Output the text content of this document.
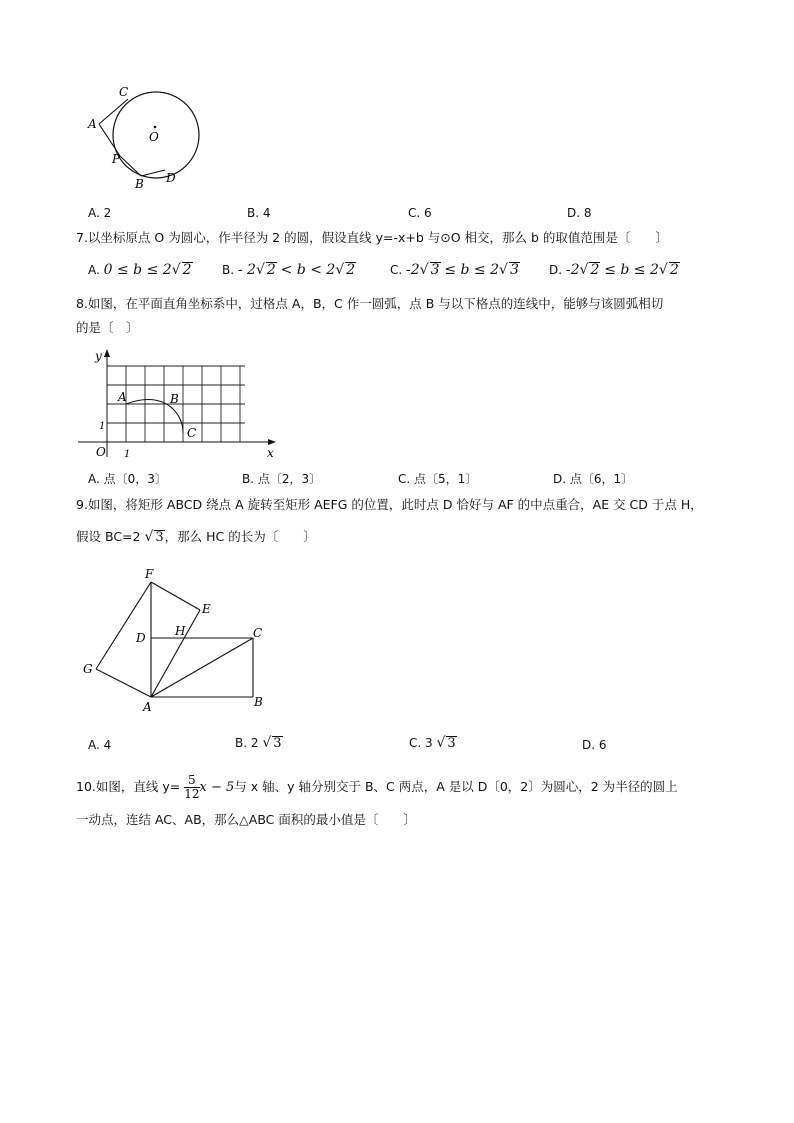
C
A
O
P
B D
A. 2	B. 4	C. 6	D. 8
7.以坐标原点 O 为圆心，作半径为 2 的圆，假设直线 y=-x+b 与⊙O 相交，那么 b 的取值范围是〔　　〕
A. 0 ≤ b ≤ 2√ 2	B. - 2√ 2 < b < 2√ 2	C. -2√ 3 ≤ b ≤ 2√ 3	D. -2√ 2 ≤ b ≤ 2√ 2
8.如图，在平面直角坐标系中，过格点 A，B，C 作一圆弧，点 B 与以下格点的连线中，能够与该圆弧相切
的是〔　〕
y
x
O 1
1
A	B
C
A. 点〔0，3〕	B. 点〔2，3〕	C. 点〔5，1〕	D. 点〔6，1〕
9.如图，将矩形 ABCD 绕点 A 旋转至矩形 AEFG 的位置，此时点 D 恰好与 AF 的中点重合，AE 交 CD 于点 H，
假设 BC=2 √ 3，那么 HC 的长为〔　　〕
F
E
D H	C
G
A	B
A. 4	B. 2 √ 3	C. 3 √ 3	D. 6
10.如图，直线 $y= \frac{5}{12}$ x − 5与 x 轴、y 轴分别交于 B、C 两点，A 是以 D〔0，2〕为圆心，2 为半径的圆上
一动点，连结 AC、AB，那么△ABC 面积的最小值是〔　　〕
